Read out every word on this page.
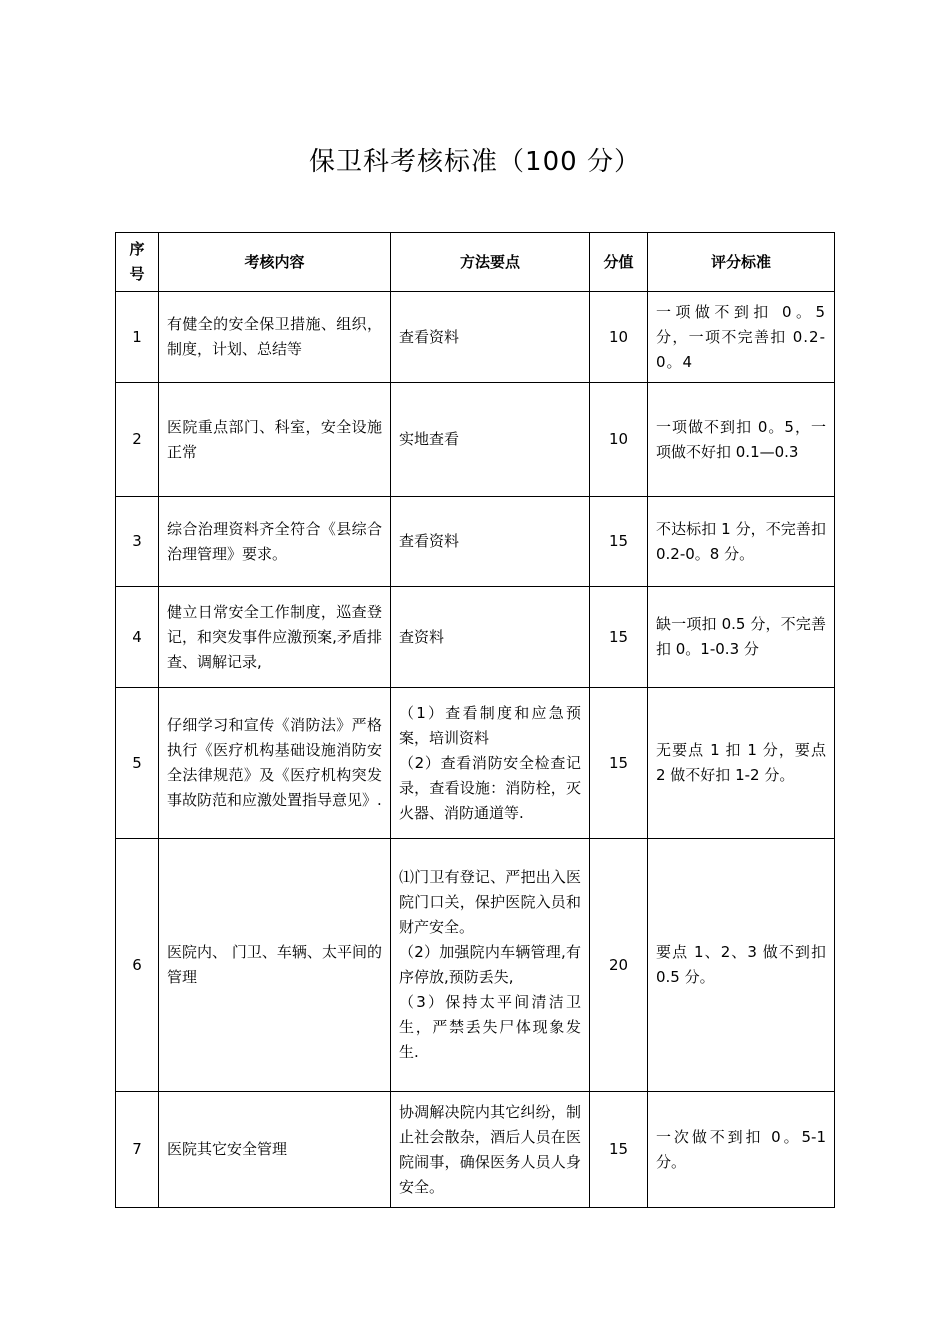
保卫科考核标准（100 分）
序号	考核内容	方法要点	分值	评分标准
1	有健全的安全保卫措施、组织，制度，计划、总结等	查看资料	10	一项做不到扣 0。5 分，一项不完善扣 0.2-0。4
2	医院重点部门、科室，安全设施正常	实地查看	10	一项做不到扣 0。5，一项做不好扣 0.1—0.3
3	综合治理资料齐全符合《县综合治理管理》要求。	查看资料	15	不达标扣 1 分，不完善扣 0.2-0。8 分。
4	健立日常安全工作制度，巡查登记，和突发事件应激预案,矛盾排查、调解记录,	查资料	15	缺一项扣 0.5 分，不完善扣 0。1-0.3 分
5	仔细学习和宣传《消防法》严格执行《医疗机构基础设施消防安全法律规范》及《医疗机构突发事故防范和应激处置指导意见》.	（1）查看制度和应急预案，培训资料
（2）查看消防安全检查记录，查看设施：消防栓，灭火器、消防通道等.	15	无要点 1 扣 1 分，要点 2 做不好扣 1-2 分。
6	医院内、 门卫、车辆、太平间的管理	⑴门卫有登记、严把出入医院门口关，保护医院入员和财产安全。
（2）加强院内车辆管理,有序停放,预防丢失,
（3）保持太平间清洁卫生，严禁丢失尸体现象发生.	20	要点 1、2、3 做不到扣 0.5 分。
7	医院其它安全管理	协凋解决院内其它纠纷，制止社会散杂，酒后人员在医院闹事，确保医务人员人身安全。	15	一次做不到扣 0。5-1 分。
